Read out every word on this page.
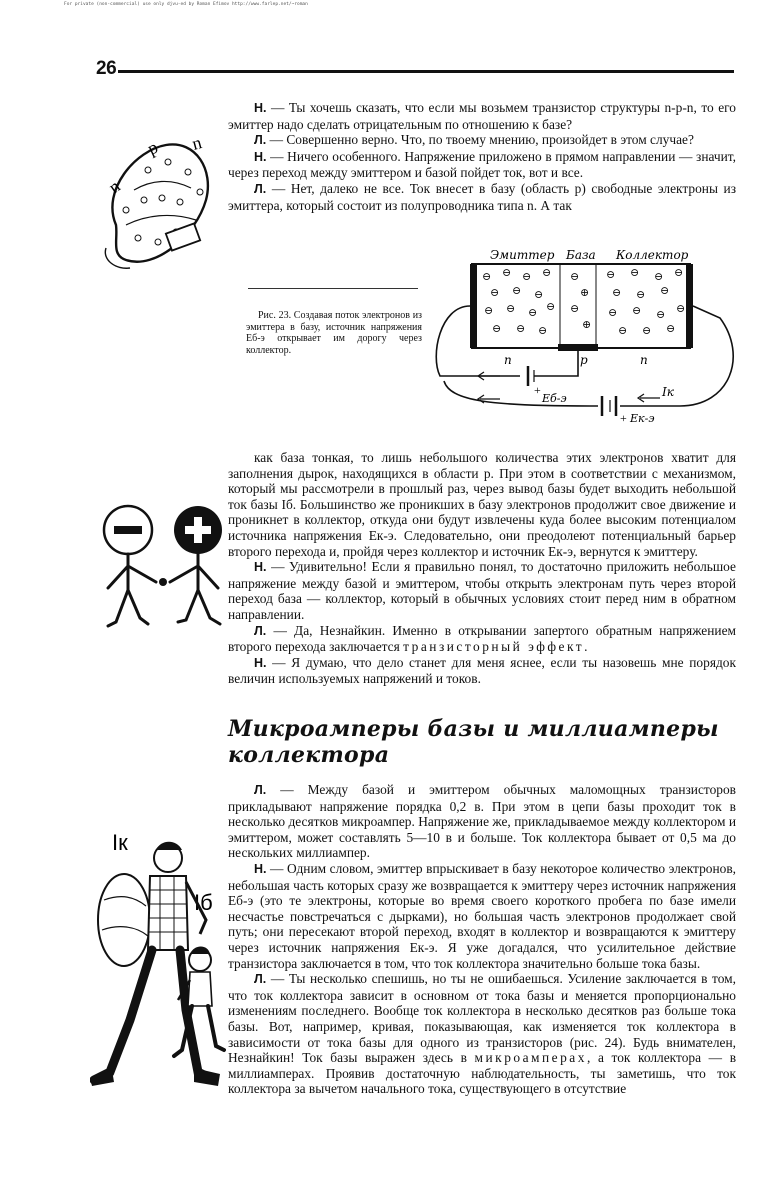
For private (non-commercial) use only djvu-ed by Roman Efimov http://www.farlep.net/~roman
26

Н. — Ты хочешь сказать, что если мы возьмем транзистор структуры n-p-n, то его эмиттер надо сделать отрицательным по отношению к базе?

Л. — Совершенно верно. Что, по твоему мнению, произойдет в этом случае?

Н. — Ничего особенного. Напряжение приложено в прямом направлении — значит, через переход между эмиттером и базой пойдет ток, вот и все.

Л. — Нет, далеко не все. Ток внесет в базу (область p) свободные электроны из эмиттера, который состоит из полупроводника типа n. А так

n
p n
Рис. 23. Создавая поток электронов из эмиттера в базу, источник напряжения Eб-э открывает им дорогу через коллектор.
Эмиттер База Коллектор
⊖ ⊖ ⊖ ⊖
⊖ ⊖ ⊖
⊖ ⊖ ⊖ ⊖
⊖ ⊖ ⊖
⊖
⊕
⊖
⊕
⊖ ⊖ ⊖ ⊖
⊖ ⊖ ⊖
⊖ ⊖ ⊖ ⊖
⊖ ⊖ ⊖
n	p	n
+
Eб-э
+ Eк-э
Iк

как база тонкая, то лишь небольшого количества этих электронов хватит для заполнения дырок, находящихся в области p. При этом в соответствии с механизмом, который мы рассмотрели в прошлый раз, через вывод базы будет выходить небольшой ток базы Iб. Большинство же проникших в базу электронов продолжит свое движение и проникнет в коллектор, откуда они будут извлечены куда более высоким потенциалом источника напряжения Eк-э. Следовательно, они преодолеют потенциальный барьер второго перехода и, пройдя через коллектор и источник Eк-э, вернутся к эмиттеру.

Н. — Удивительно! Если я правильно понял, то достаточно приложить небольшое напряжение между базой и эмиттером, чтобы открыть электронам путь через второй переход база — коллектор, который в обычных условиях стоит перед ним в обратном направлении.

Л. — Да, Незнайкин. Именно в открывании запертого обратным напряжением второго перехода заключается транзисторный эффект.

Н. — Я думаю, что дело станет для меня яснее, если ты назовешь мне порядок величин используемых напряжений и токов.

Микроамперы базы и миллиамперы коллектора
Iк
Iб

Л. — Между базой и эмиттером обычных маломощных транзисторов прикладывают напряжение порядка 0,2 в. При этом в цепи базы проходит ток в несколько десятков микроампер. Напряжение же, прикладываемое между коллектором и эмиттером, может составлять 5—10 в и больше. Ток коллектора бывает от 0,5 ма до нескольких миллиампер.

Н. — Одним словом, эмиттер впрыскивает в базу некоторое количество электронов, небольшая часть которых сразу же возвращается к эмиттеру через источник напряжения Eб-э (это те электроны, которые во время своего короткого пробега по базе имели несчастье повстречаться с дырками), но большая часть электронов продолжает свой путь; они пересекают второй переход, входят в коллектор и возвращаются к эмиттеру через источник напряжения Eк-э. Я уже догадался, что усилительное действие транзистора заключается в том, что ток коллектора значительно больше тока базы.

Л. — Ты несколько спешишь, но ты не ошибаешься. Усиление заключается в том, что ток коллектора зависит в основном от тока базы и меняется пропорционально изменениям последнего. Вообще ток коллектора в несколько десятков раз больше тока базы. Вот, например, кривая, показывающая, как изменяется ток коллектора в зависимости от тока базы для одного из транзисторов (рис. 24). Будь внимателен, Незнайкин! Ток базы выражен здесь в микроамперах, а ток коллектора — в миллиамперах. Проявив достаточную наблюдательность, ты заметишь, что ток коллектора за вычетом начального тока, существующего в отсутствие
